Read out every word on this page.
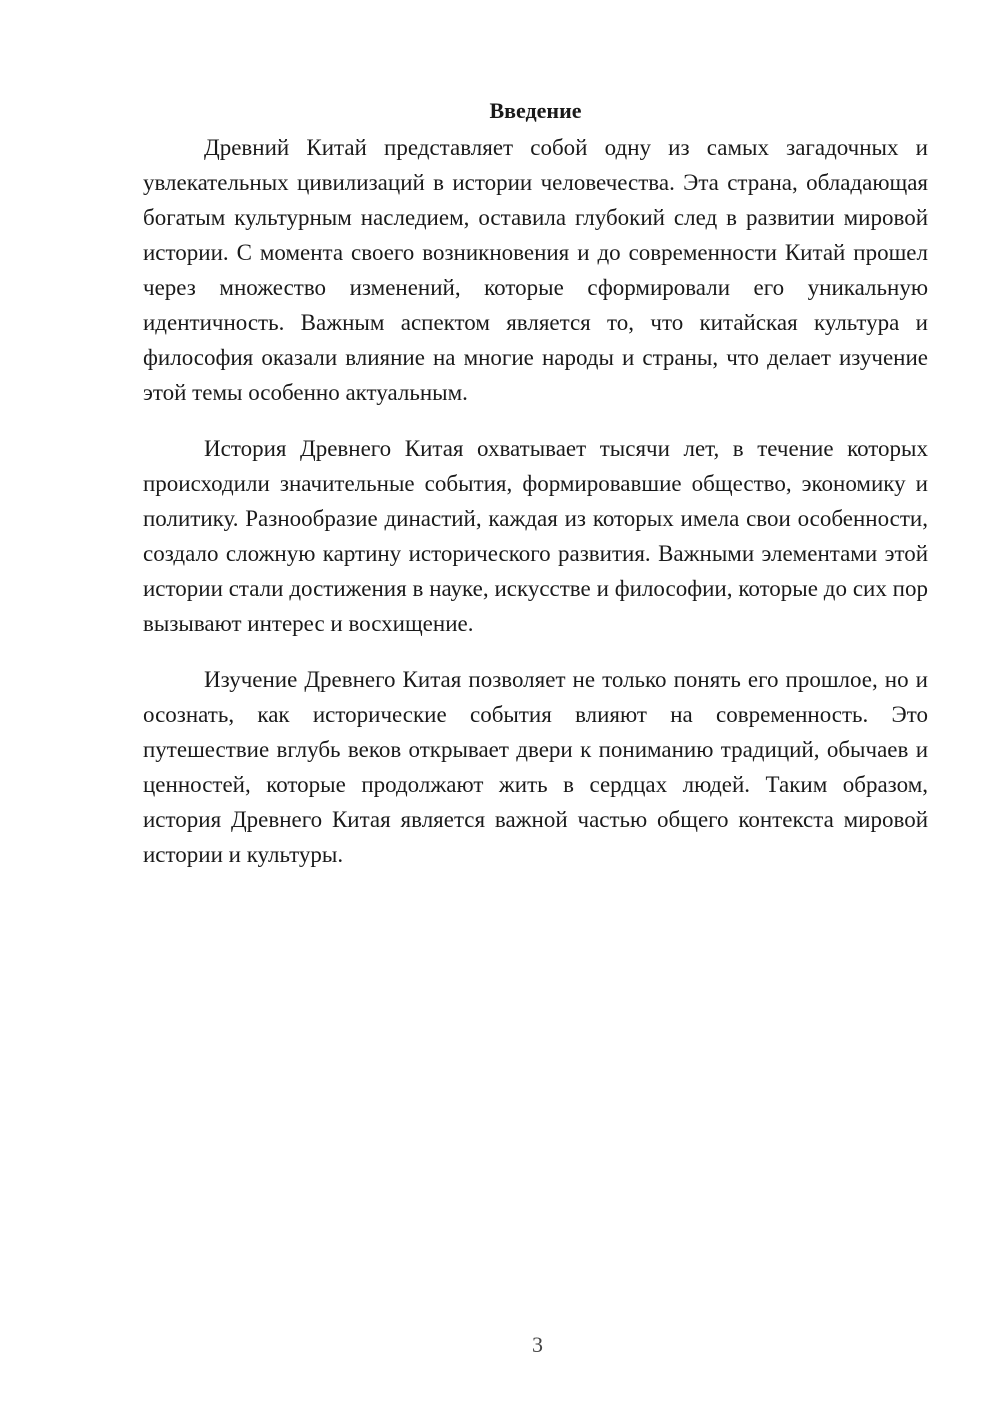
Введение

Древний Китай представляет собой одну из самых загадочных и увлекательных цивилизаций в истории человечества. Эта страна, обладающая богатым культурным наследием, оставила глубокий след в развитии мировой истории. С момента своего возникновения и до современности Китай прошел через множество изменений, которые сформировали его уникальную идентичность. Важным аспектом является то, что китайская культура и философия оказали влияние на многие народы и страны, что делает изучение этой темы особенно актуальным.

История Древнего Китая охватывает тысячи лет, в течение которых происходили значительные события, формировавшие общество, экономику и политику. Разнообразие династий, каждая из которых имела свои особенности, создало сложную картину исторического развития. Важными элементами этой истории стали достижения в науке, искусстве и философии, которые до сих пор вызывают интерес и восхищение.

Изучение Древнего Китая позволяет не только понять его прошлое, но и осознать, как исторические события влияют на современность. Это путешествие вглубь веков открывает двери к пониманию традиций, обычаев и ценностей, которые продолжают жить в сердцах людей. Таким образом, история Древнего Китая является важной частью общего контекста мировой истории и культуры.

3
